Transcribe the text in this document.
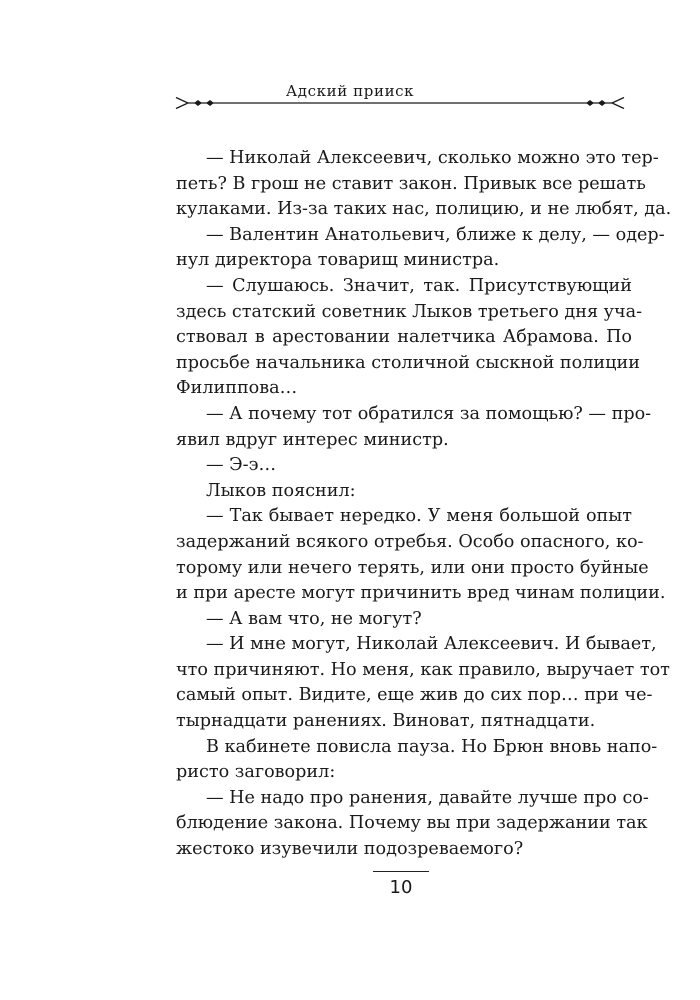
Адский прииск
— Николай Алексеевич, сколько можно это тер-
петь? В грош не ставит закон. Привык все решать
кулаками. Из-за таких нас, полицию, и не любят, да.
— Валентин Анатольевич, ближе к делу, — одер-
нул директора товарищ министра.
— Слушаюсь. Значит, так. Присутствующий
здесь статский советник Лыков третьего дня уча-
ствовал в арестовании налетчика Абрамова. По
просьбе начальника столичной сыскной полиции
Филиппова…
— А почему тот обратился за помощью? — про-
явил вдруг интерес министр.
— Э-э…
Лыков пояснил:
— Так бывает нередко. У меня большой опыт
задержаний всякого отребья. Особо опасного, ко-
торому или нечего терять, или они просто буйные
и при аресте могут причинить вред чинам полиции.
— А вам что, не могут?
— И мне могут, Николай Алексеевич. И бывает,
что причиняют. Но меня, как правило, выручает тот
самый опыт. Видите, еще жив до сих пор… при че-
тырнадцати ранениях. Виноват, пятнадцати.
В кабинете повисла пауза. Но Брюн вновь напо-
ристо заговорил:
— Не надо про ранения, давайте лучше про со-
блюдение закона. Почему вы при задержании так
жестоко изувечили подозреваемого?
10
